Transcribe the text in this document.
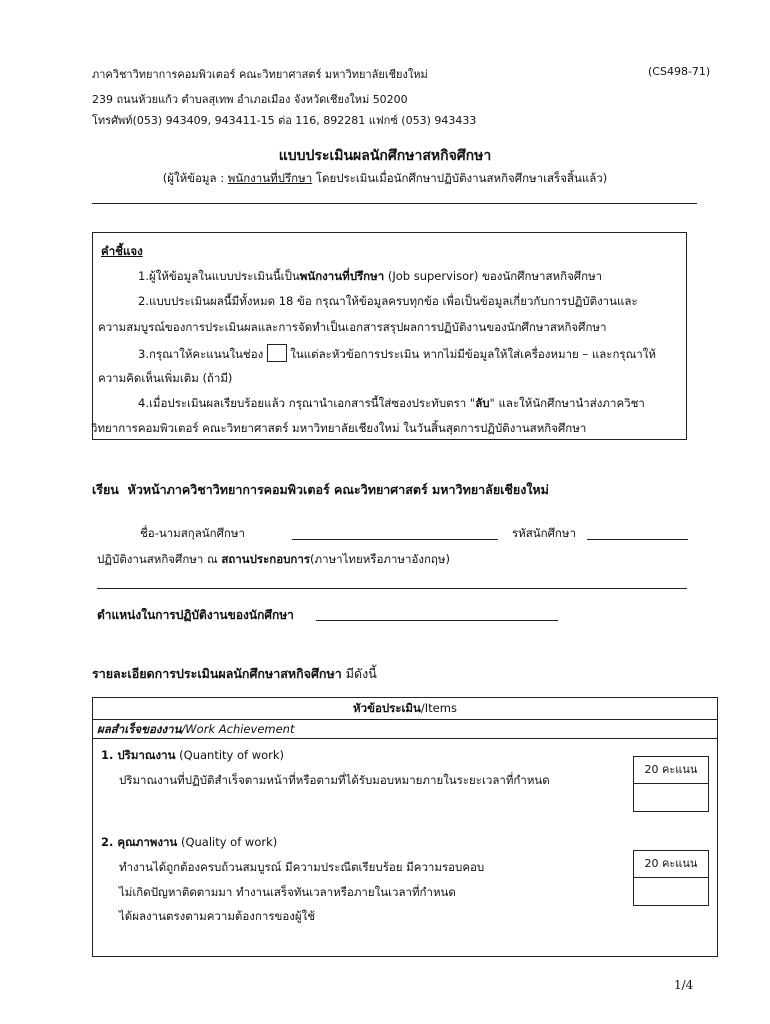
ภาควิชาวิทยาการคอมพิวเตอร์ คณะวิทยาศาสตร์ มหาวิทยาลัยเชียงใหม่	(CS498-71)
239 ถนนห้วยแก้ว ตำบลสุเทพ อำเภอเมือง จังหวัดเชียงใหม่ 50200
โทรศัพท์(053) 943409, 943411-15 ต่อ 116, 892281 แฟกซ์ (053) 943433
แบบประเมินผลนักศึกษาสหกิจศึกษา
(ผู้ให้ข้อมูล : พนักงานที่ปรึกษา โดยประเมินเมื่อนักศึกษาปฏิบัติงานสหกิจศึกษาเสร็จสิ้นแล้ว)
คำชี้แจง
1.ผู้ให้ข้อมูลในแบบประเมินนี้เป็นพนักงานที่ปรึกษา (Job supervisor) ของนักศึกษาสหกิจศึกษา
2.แบบประเมินผลนี้มีทั้งหมด 18 ข้อ กรุณาให้ข้อมูลครบทุกข้อ เพื่อเป็นข้อมูลเกี่ยวกับการปฏิบัติงานและ
ความสมบูรณ์ของการประเมินผลและการจัดทำเป็นเอกสารสรุปผลการปฏิบัติงานของนักศึกษาสหกิจศึกษา
3.กรุณาให้คะแนนในช่อง ในแต่ละหัวข้อการประเมิน หากไม่มีข้อมูลให้ใส่เครื่องหมาย – และกรุณาให้
ความคิดเห็นเพิ่มเติม (ถ้ามี)
4.เมื่อประเมินผลเรียบร้อยแล้ว กรุณานำเอกสารนี้ใส่ซองประทับตรา "ลับ" และให้นักศึกษานำส่งภาควิชา
วิทยาการคอมพิวเตอร์ คณะวิทยาศาสตร์ มหาวิทยาลัยเชียงใหม่ ในวันสิ้นสุดการปฏิบัติงานสหกิจศึกษา
เรียน หัวหน้าภาควิชาวิทยาการคอมพิวเตอร์ คณะวิทยาศาสตร์ มหาวิทยาลัยเชียงใหม่
ชื่อ-นามสกุลนักศึกษา	รหัสนักศึกษา
ปฏิบัติงานสหกิจศึกษา ณ สถานประกอบการ(ภาษาไทยหรือภาษาอังกฤษ)
ตำแหน่งในการปฏิบัติงานของนักศึกษา
รายละเอียดการประเมินผลนักศึกษาสหกิจศึกษา มีดังนี้
หัวข้อประเมิน/Items
ผลสำเร็จของงาน/Work Achievement
1. ปริมาณงาน (Quantity of work)
ปริมาณงานที่ปฏิบัติสำเร็จตามหน้าที่หรือตามที่ได้รับมอบหมายภายในระยะเวลาที่กำหนด
20 คะแนน
2. คุณภาพงาน (Quality of work)
ทำงานได้ถูกต้องครบถ้วนสมบูรณ์ มีความประณีตเรียบร้อย มีความรอบคอบ
ไม่เกิดปัญหาติดตามมา ทำงานเสร็จทันเวลาหรือภายในเวลาที่กำหนด
ได้ผลงานตรงตามความต้องการของผู้ใช้
20 คะแนน
1/4
